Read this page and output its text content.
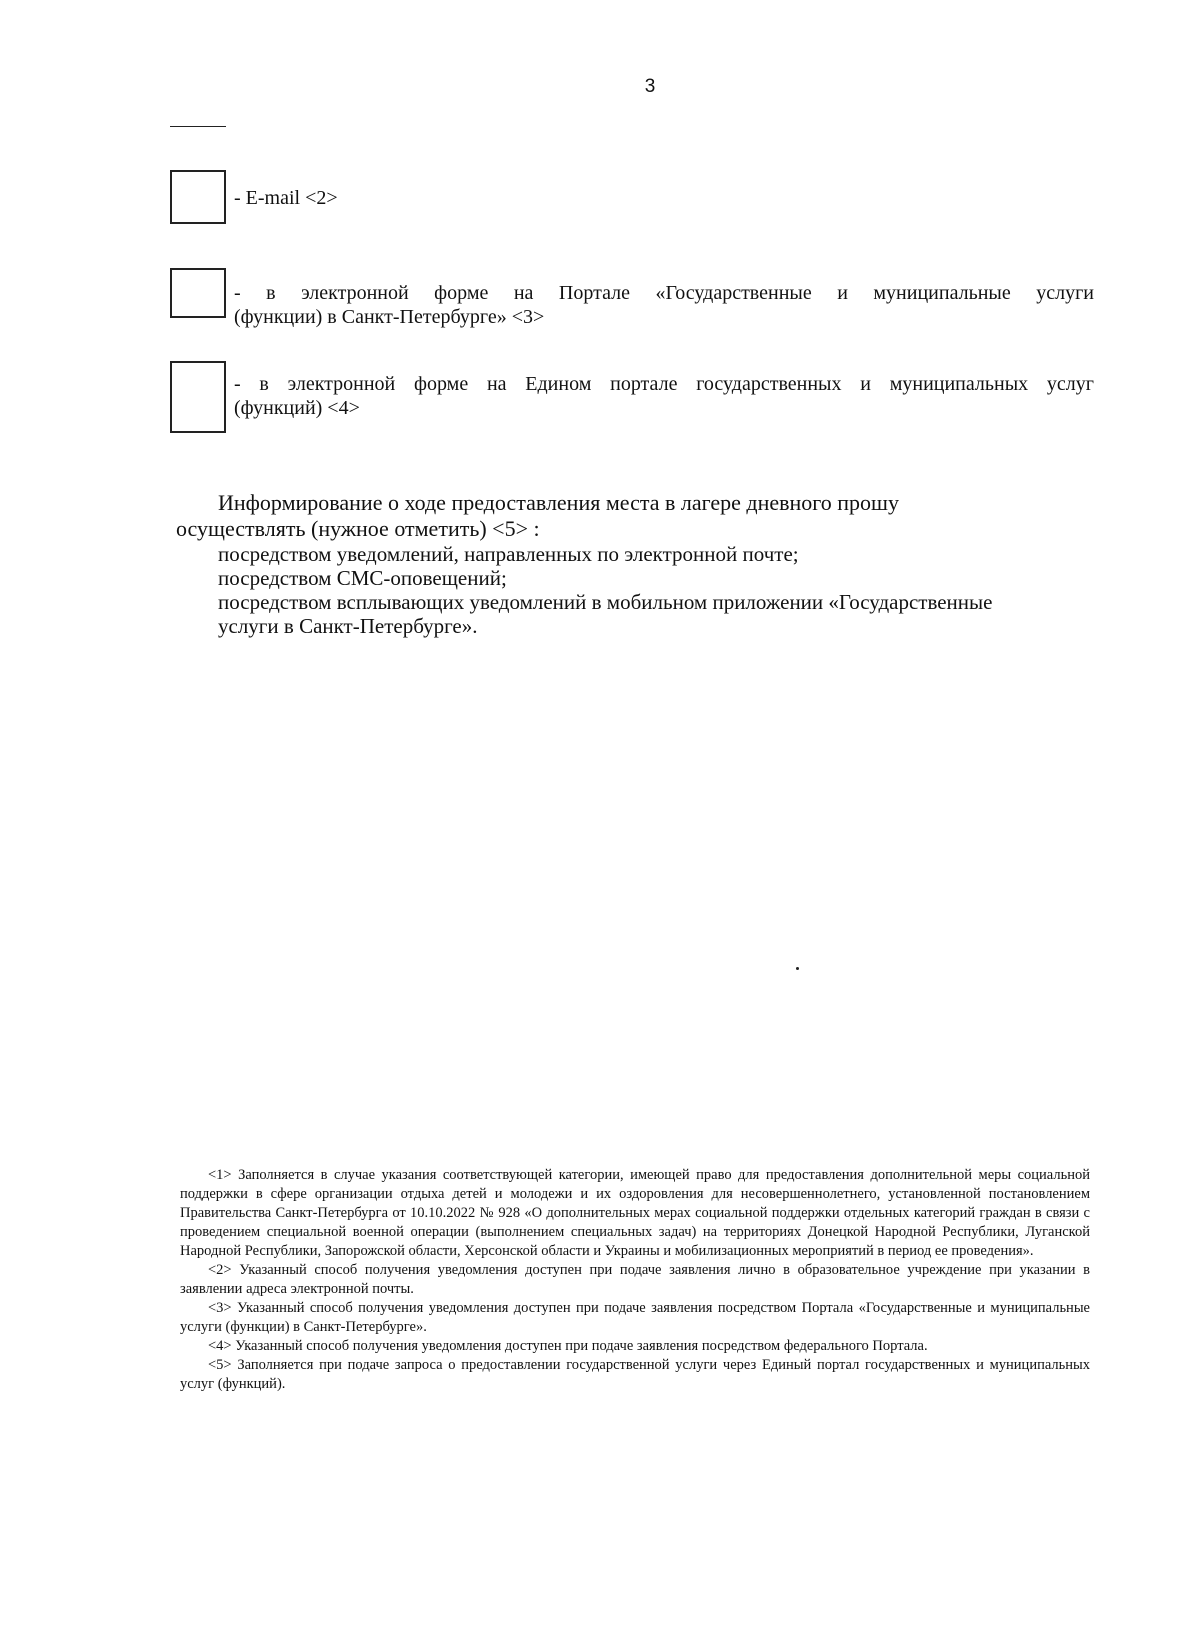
3
- E-mail <2>
- в электронной форме на Портале «Государственные и муниципальные услуги
(функции) в Санкт-Петербурге» <3>
- в электронной форме на Едином портале государственных и муниципальных услуг
(функций) <4>
Информирование о ходе предоставления места в лагере дневного прошу
осуществлять (нужное отметить) <5> :
посредством уведомлений, направленных по электронной почте;
посредством СМС-оповещений;
посредством всплывающих уведомлений в мобильном приложении «Государственные
услуги в Санкт-Петербурге».

<1> Заполняется в случае указания соответствующей категории, имеющей право для предоставления дополнительной меры социальной поддержки в сфере организации отдыха детей и молодежи и их оздоровления для несовершеннолетнего, установленной постановлением Правительства Санкт-Петербурга от 10.10.2022 № 928 «О дополнительных мерах социальной поддержки отдельных категорий граждан в связи с проведением специальной военной операции (выполнением специальных задач) на территориях Донецкой Народной Республики, Луганской Народной Республики, Запорожской области, Херсонской области и Украины и мобилизационных мероприятий в период ее проведения».

<2> Указанный способ получения уведомления доступен при подаче заявления лично в образовательное учреждение при указании в заявлении адреса электронной почты.

<3> Указанный способ получения уведомления доступен при подаче заявления посредством Портала «Государственные и муниципальные услуги (функции) в Санкт-Петербурге».

<4> Указанный способ получения уведомления доступен при подаче заявления посредством федерального Портала.

<5> Заполняется при подаче запроса о предоставлении государственной услуги через Единый портал государственных и муниципальных услуг (функций).
